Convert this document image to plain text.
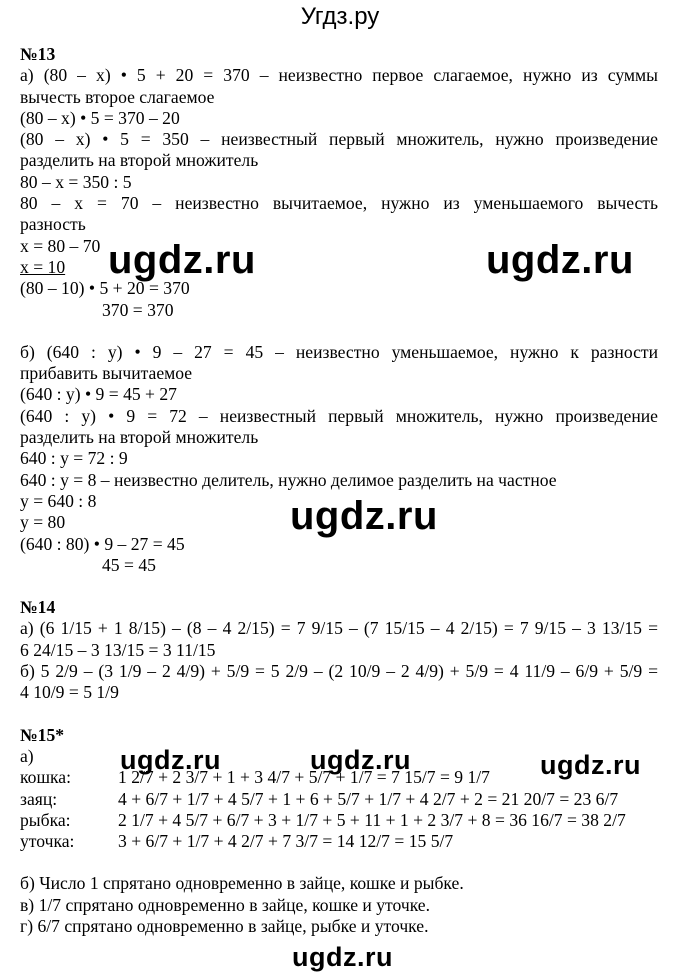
Угдз.ру
№13
а) (80 – х) • 5 + 20 = 370 – неизвестно первое слагаемое, нужно из суммы
вычесть второе слагаемое
(80 – х) • 5 = 370 – 20
(80 – х) • 5 = 350 – неизвестный первый множитель, нужно произведение
разделить на второй множитель
80 – х = 350 : 5
80 – х = 70 – неизвестно вычитаемое, нужно из уменьшаемого вычесть
разность
х = 80 – 70
х = 10
(80 – 10) • 5 + 20 = 370
370 = 370
б) (640 : у) • 9 – 27 = 45 – неизвестно уменьшаемое, нужно к разности
прибавить вычитаемое
(640 : у) • 9 = 45 + 27
(640 : у) • 9 = 72 – неизвестный первый множитель, нужно произведение
разделить на второй множитель
640 : у = 72 : 9
640 : у = 8 – неизвестно делитель, нужно делимое разделить на частное
у = 640 : 8
у = 80
(640 : 80) • 9 – 27 = 45
45 = 45
№14
а) (6 1/15 + 1 8/15) – (8 – 4 2/15) = 7 9/15 – (7 15/15 – 4 2/15) = 7 9/15 – 3 13/15 =
6 24/15 – 3 13/15 = 3 11/15
б) 5 2/9 – (3 1/9 – 2 4/9) + 5/9 = 5 2/9 – (2 10/9 – 2 4/9) + 5/9 = 4 11/9 – 6/9 + 5/9 =
4 10/9 = 5 1/9
№15*
а)
кошка:	1 2/7 + 2 3/7 + 1 + 3 4/7 + 5/7 + 1/7 = 7 15/7 = 9 1/7
заяц:	4 + 6/7 + 1/7 + 4 5/7 + 1 + 6 + 5/7 + 1/7 + 4 2/7 + 2 = 21 20/7 = 23 6/7
рыбка:	2 1/7 + 4 5/7 + 6/7 + 3 + 1/7 + 5 + 11 + 1 + 2 3/7 + 8 = 36 16/7 = 38 2/7
уточка:	3 + 6/7 + 1/7 + 4 2/7 + 7 3/7 = 14 12/7 = 15 5/7
б) Число 1 спрятано одновременно в зайце, кошке и рыбке.
в) 1/7 спрятано одновременно в зайце, кошке и уточке.
г) 6/7 спрятано одновременно в зайце, рыбке и уточке.
ugdz.ru	ugdz.ru
ugdz.ru
ugdz.ru	ugdz.ru	ugdz.ru
ugdz.ru
